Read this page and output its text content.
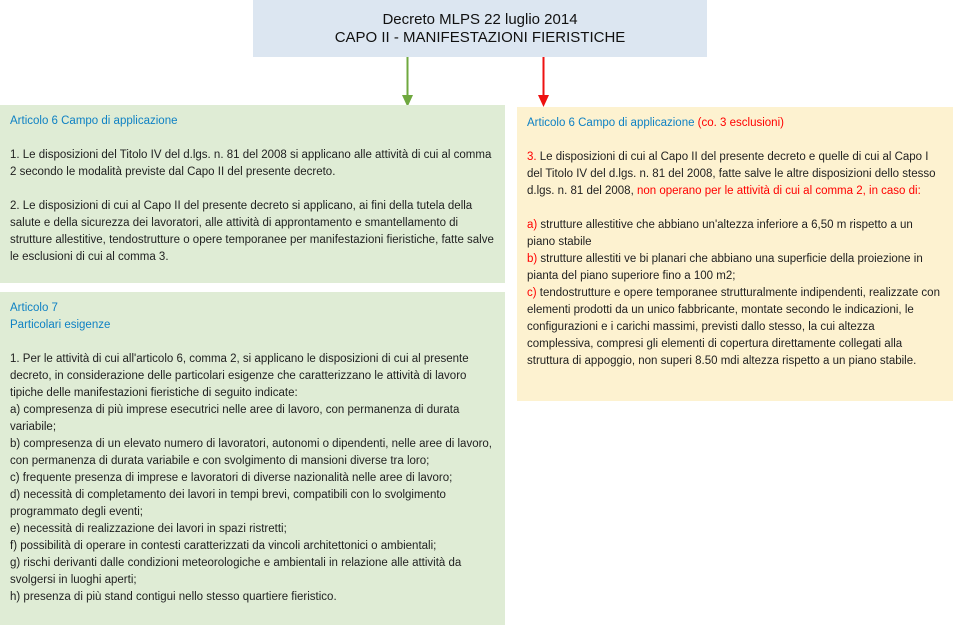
Decreto MLPS 22 luglio 2014
CAPO II - MANIFESTAZIONI FIERISTICHE
Articolo 6 Campo di applicazione

1. Le disposizioni del Titolo IV del d.lgs. n. 81 del 2008 si applicano alle attività di cui al comma 2 secondo le modalità previste dal Capo II del presente decreto.

2. Le disposizioni di cui al Capo II del presente decreto si applicano, ai fini della tutela della salute e della sicurezza dei lavoratori, alle attività di approntamento e smantellamento di strutture allestitive, tendostrutture o opere temporanee per manifestazioni fieristiche, fatte salve le esclusioni di cui al comma 3.

Articolo 7
Particolari esigenze
1. Per le attività di cui all'articolo 6, comma 2, si applicano le disposizioni di cui al presente decreto, in considerazione delle particolari esigenze che caratterizzano le attività di lavoro tipiche delle manifestazioni fieristiche di seguito indicate:
a) compresenza di più imprese esecutrici nelle aree di lavoro, con permanenza di durata variabile;
b) compresenza di un elevato numero di lavoratori, autonomi o dipendenti, nelle aree di lavoro, con permanenza di durata variabile e con svolgimento di mansioni diverse tra loro;
c) frequente presenza di imprese e lavoratori di diverse nazionalità nelle aree di lavoro;
d) necessità di completamento dei lavori in tempi brevi, compatibili con lo svolgimento programmato degli eventi;
e) necessità di realizzazione dei lavori in spazi ristretti;
f) possibilità di operare in contesti caratterizzati da vincoli architettonici o ambientali;
g) rischi derivanti dalle condizioni meteorologiche e ambientali in relazione alle attività da svolgersi in luoghi aperti;
h) presenza di più stand contigui nello stesso quartiere fieristico.
Articolo 6 Campo di applicazione (co. 3 esclusioni)

3. Le disposizioni di cui al Capo II del presente decreto e quelle di cui al Capo I del Titolo IV del d.lgs. n. 81 del 2008, fatte salve le altre disposizioni dello stesso d.lgs. n. 81 del 2008, non operano per le attività di cui al comma 2, in caso di:

a) strutture allestitive che abbiano un'altezza inferiore a 6,50 m rispetto a un piano stabile
b) strutture allestiti ve bi planari che abbiano una superficie della proiezione in pianta del piano superiore fino a 100 m2;
c) tendostrutture e opere temporanee strutturalmente indipendenti, realizzate con elementi prodotti da un unico fabbricante, montate secondo le indicazioni, le configurazioni e i carichi massimi, previsti dallo stesso, la cui altezza complessiva, compresi gli elementi di copertura direttamente collegati alla struttura di appoggio, non superi 8.50 mdi altezza rispetto a un piano stabile.
